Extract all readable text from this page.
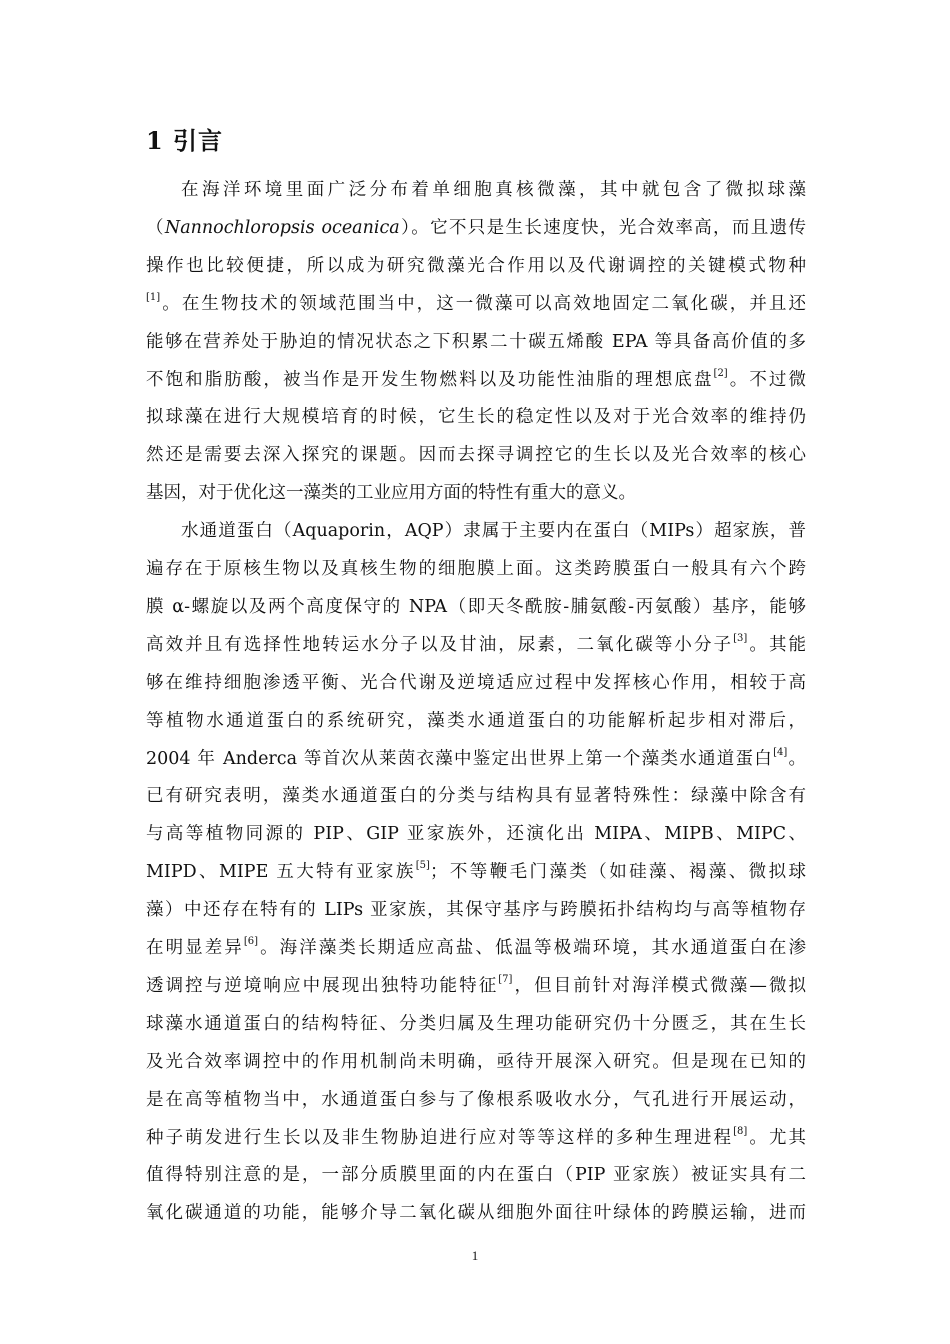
1 引言
在海洋环境里面广泛分布着单细胞真核微藻，其中就包含了微拟球藻
（Nannochloropsis oceanica）。它不只是生长速度快，光合效率高，而且遗传
操作也比较便捷，所以成为研究微藻光合作用以及代谢调控的关键模式物种
[1]。在生物技术的领域范围当中，这一微藻可以高效地固定二氧化碳，并且还
能够在营养处于胁迫的情况状态之下积累二十碳五烯酸 EPA 等具备高价值的多
不饱和脂肪酸，被当作是开发生物燃料以及功能性油脂的理想底盘[2]。不过微
拟球藻在进行大规模培育的时候，它生长的稳定性以及对于光合效率的维持仍
然还是需要去深入探究的课题。因而去探寻调控它的生长以及光合效率的核心
基因，对于优化这一藻类的工业应用方面的特性有重大的意义。
水通道蛋白（Aquaporin，AQP）隶属于主要内在蛋白（MIPs）超家族，普
遍存在于原核生物以及真核生物的细胞膜上面。这类跨膜蛋白一般具有六个跨
膜 α-螺旋以及两个高度保守的 NPA（即天冬酰胺-脯氨酸-丙氨酸）基序，能够
高效并且有选择性地转运水分子以及甘油，尿素，二氧化碳等小分子[3]。其能
够在维持细胞渗透平衡、光合代谢及逆境适应过程中发挥核心作用，相较于高
等植物水通道蛋白的系统研究，藻类水通道蛋白的功能解析起步相对滞后，
2004 年 Anderca 等首次从莱茵衣藻中鉴定出世界上第一个藻类水通道蛋白[4]。
已有研究表明，藻类水通道蛋白的分类与结构具有显著特殊性：绿藻中除含有
与高等植物同源的 PIP、GIP 亚家族外，还演化出 MIPA、MIPB、MIPC、
MIPD、MIPE 五大特有亚家族[5]；不等鞭毛门藻类（如硅藻、褐藻、微拟球
藻）中还存在特有的 LIPs 亚家族，其保守基序与跨膜拓扑结构均与高等植物存
在明显差异[6]。海洋藻类长期适应高盐、低温等极端环境，其水通道蛋白在渗
透调控与逆境响应中展现出独特功能特征[7]，但目前针对海洋模式微藻—微拟
球藻水通道蛋白的结构特征、分类归属及生理功能研究仍十分匮乏，其在生长
及光合效率调控中的作用机制尚未明确，亟待开展深入研究。但是现在已知的
是在高等植物当中，水通道蛋白参与了像根系吸收水分，气孔进行开展运动，
种子萌发进行生长以及非生物胁迫进行应对等等这样的多种生理进程[8]。尤其
值得特别注意的是，一部分质膜里面的内在蛋白（PIP 亚家族）被证实具有二
氧化碳通道的功能，能够介导二氧化碳从细胞外面往叶绿体的跨膜运输，进而
1
